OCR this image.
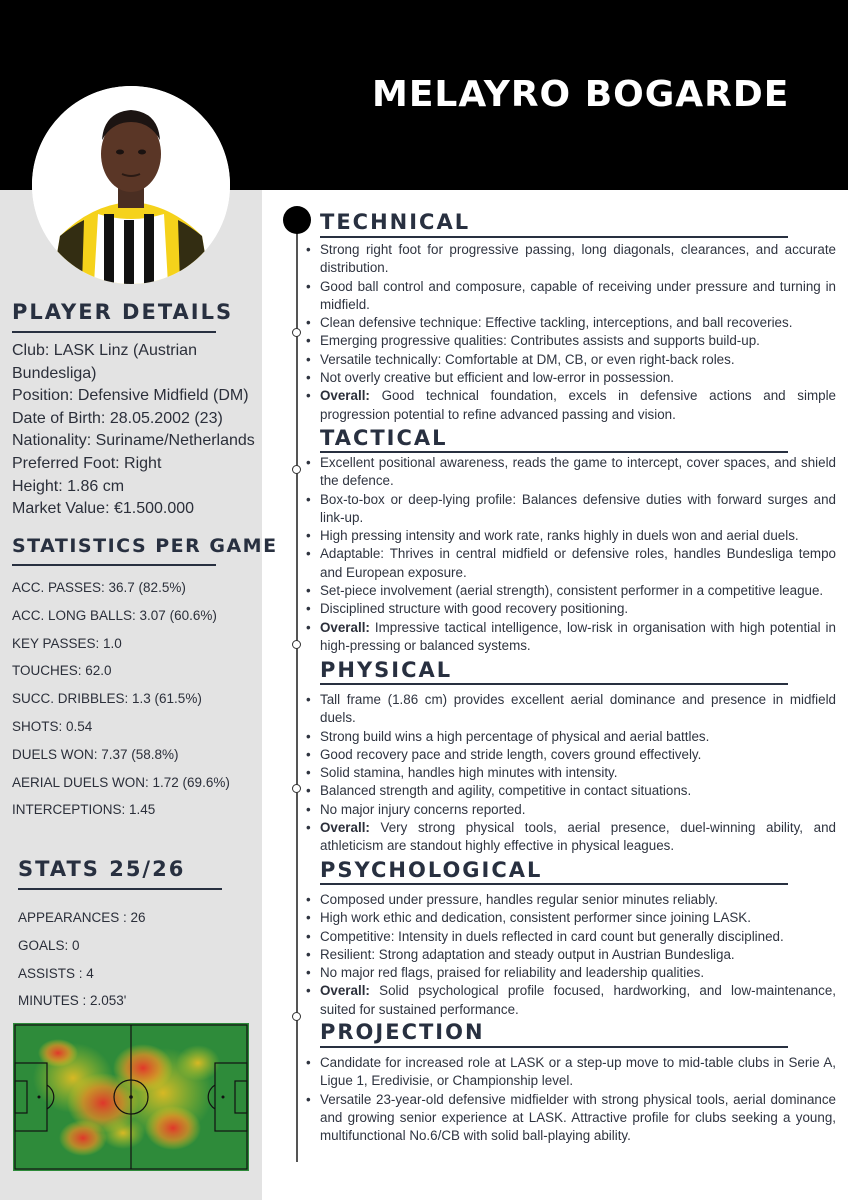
MELAYRO BOGARDE
PLAYER DETAILS
Club: LASK Linz (Austrian Bundesliga)
Position: Defensive Midfield (DM)
Date of Birth: 28.05.2002 (23)
Nationality: Suriname/Netherlands
Preferred Foot: Right
Height: 1.86 cm
Market Value: €1.500.000
STATISTICS PER GAME
ACC. PASSES: 36.7 (82.5%)
ACC. LONG BALLS: 3.07 (60.6%)
KEY PASSES: 1.0
TOUCHES: 62.0
SUCC. DRIBBLES: 1.3 (61.5%)
SHOTS: 0.54
DUELS WON: 7.37 (58.8%)
AERIAL DUELS WON: 1.72 (69.6%)
INTERCEPTIONS: 1.45
STATS 25/26
APPEARANCES : 26
GOALS: 0
ASSISTS : 4
MINUTES : 2.053'
TECHNICAL
• Strong right foot for progressive passing, long diagonals, clearances, and accurate distribution.
• Good ball control and composure, capable of receiving under pressure and turning in midfield.
• Clean defensive technique: Effective tackling, interceptions, and ball recoveries.
• Emerging progressive qualities: Contributes assists and supports build-up.
• Versatile technically: Comfortable at DM, CB, or even right-back roles.
• Not overly creative but efficient and low-error in possession.
• Overall: Good technical foundation, excels in defensive actions and simple progression potential to refine advanced passing and vision.
TACTICAL
• Excellent positional awareness, reads the game to intercept, cover spaces, and shield the defence.
• Box-to-box or deep-lying profile: Balances defensive duties with forward surges and link-up.
• High pressing intensity and work rate, ranks highly in duels won and aerial duels.
• Adaptable: Thrives in central midfield or defensive roles, handles Bundesliga tempo and European exposure.
• Set-piece involvement (aerial strength), consistent performer in a competitive league.
• Disciplined structure with good recovery positioning.
• Overall: Impressive tactical intelligence, low-risk in organisation with high potential in high-pressing or balanced systems.
PHYSICAL
• Tall frame (1.86 cm) provides excellent aerial dominance and presence in midfield duels.
• Strong build wins a high percentage of physical and aerial battles.
• Good recovery pace and stride length, covers ground effectively.
• Solid stamina, handles high minutes with intensity.
• Balanced strength and agility, competitive in contact situations.
• No major injury concerns reported.
• Overall: Very strong physical tools, aerial presence, duel-winning ability, and athleticism are standout highly effective in physical leagues.
PSYCHOLOGICAL
• Composed under pressure, handles regular senior minutes reliably.
• High work ethic and dedication, consistent performer since joining LASK.
• Competitive: Intensity in duels reflected in card count but generally disciplined.
• Resilient: Strong adaptation and steady output in Austrian Bundesliga.
• No major red flags, praised for reliability and leadership qualities.
• Overall: Solid psychological profile focused, hardworking, and low-maintenance, suited for sustained performance.
PROJECTION
• Candidate for increased role at LASK or a step-up move to mid-table clubs in Serie A, Ligue 1, Eredivisie, or Championship level.
• Versatile 23-year-old defensive midfielder with strong physical tools, aerial dominance and growing senior experience at LASK. Attractive profile for clubs seeking a young, multifunctional No.6/CB with solid ball-playing ability.
